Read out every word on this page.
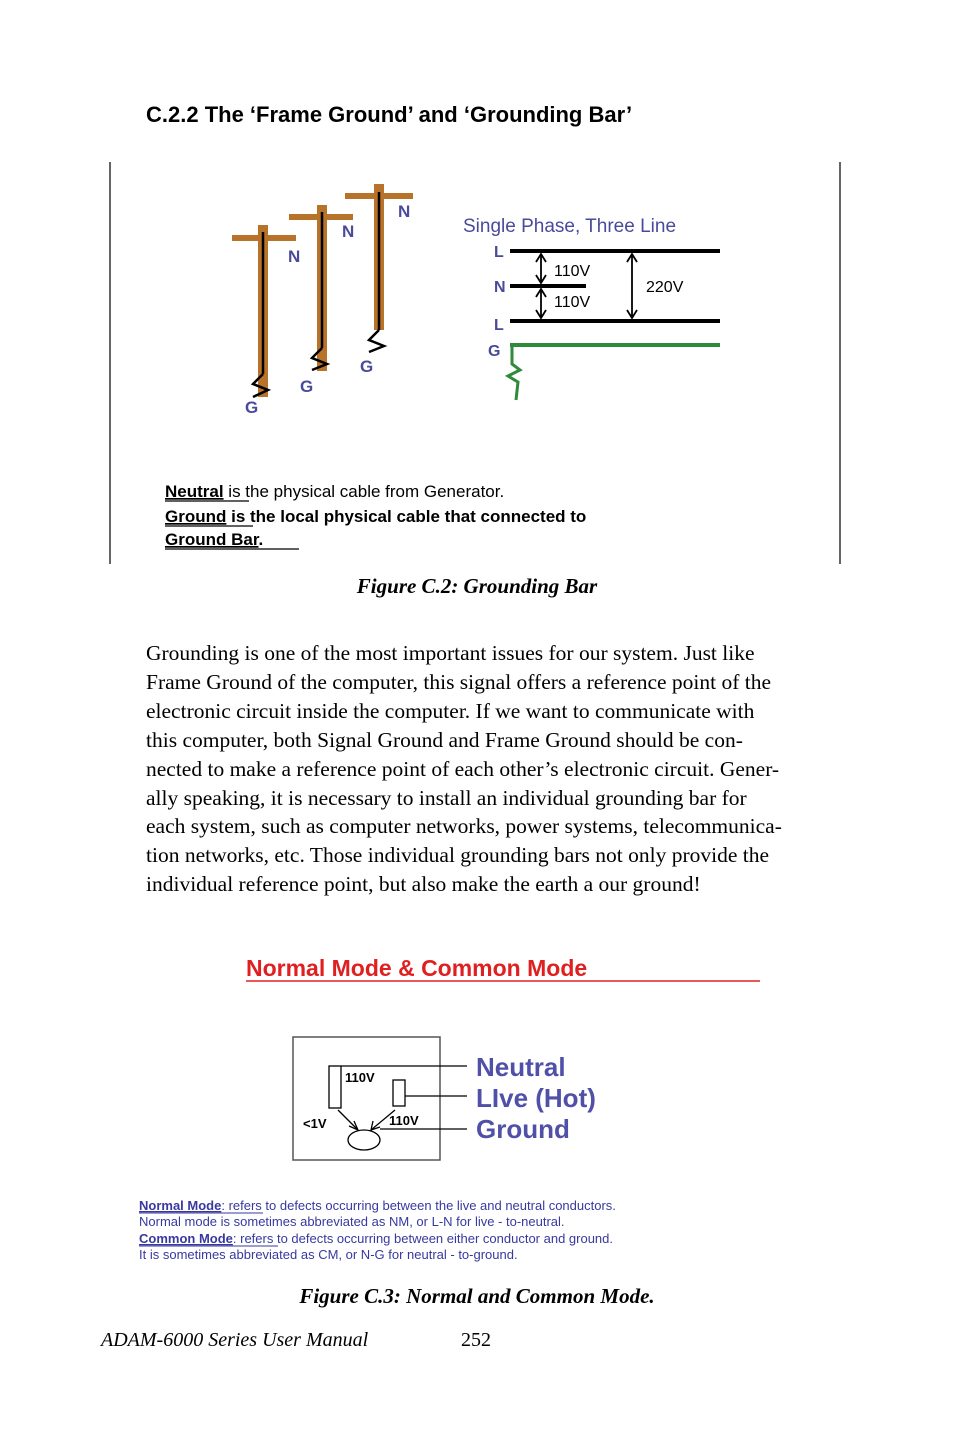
C.2.2 The ‘Frame Ground’ and ‘Grounding Bar’
N
N
N
G
G
G
Single Phase, Three Line
L
N
L
G
110V
110V
220V
Neutral is the physical cable from Generator.
Ground is the local physical cable that connected to
Ground Bar.
Figure C.2: Grounding Bar
Grounding is one of the most important issues for our system. Just like
Frame Ground of the computer, this signal offers a reference point of the
electronic circuit inside the computer. If we want to communicate with
this computer, both Signal Ground and Frame Ground should be con-
nected to make a reference point of each other’s electronic circuit. Gener-
ally speaking, it is necessary to install an individual grounding bar for
each system, such as computer networks, power systems, telecommunica-
tion networks, etc. Those individual grounding bars not only provide the
individual reference point, but also make the earth a our ground!
Normal Mode & Common Mode
110V
110V
<1V
Neutral
LIve (Hot)
Ground
Normal Mode: refers to defects occurring between the live and neutral conductors.
Normal mode is sometimes abbreviated as NM, or L-N for live - to-neutral.
Common Mode: refers to defects occurring between either conductor and ground.
It is sometimes abbreviated as CM, or N-G for neutral - to-ground.
Figure C.3: Normal and Common Mode.
ADAM-6000 Series User Manual	252
